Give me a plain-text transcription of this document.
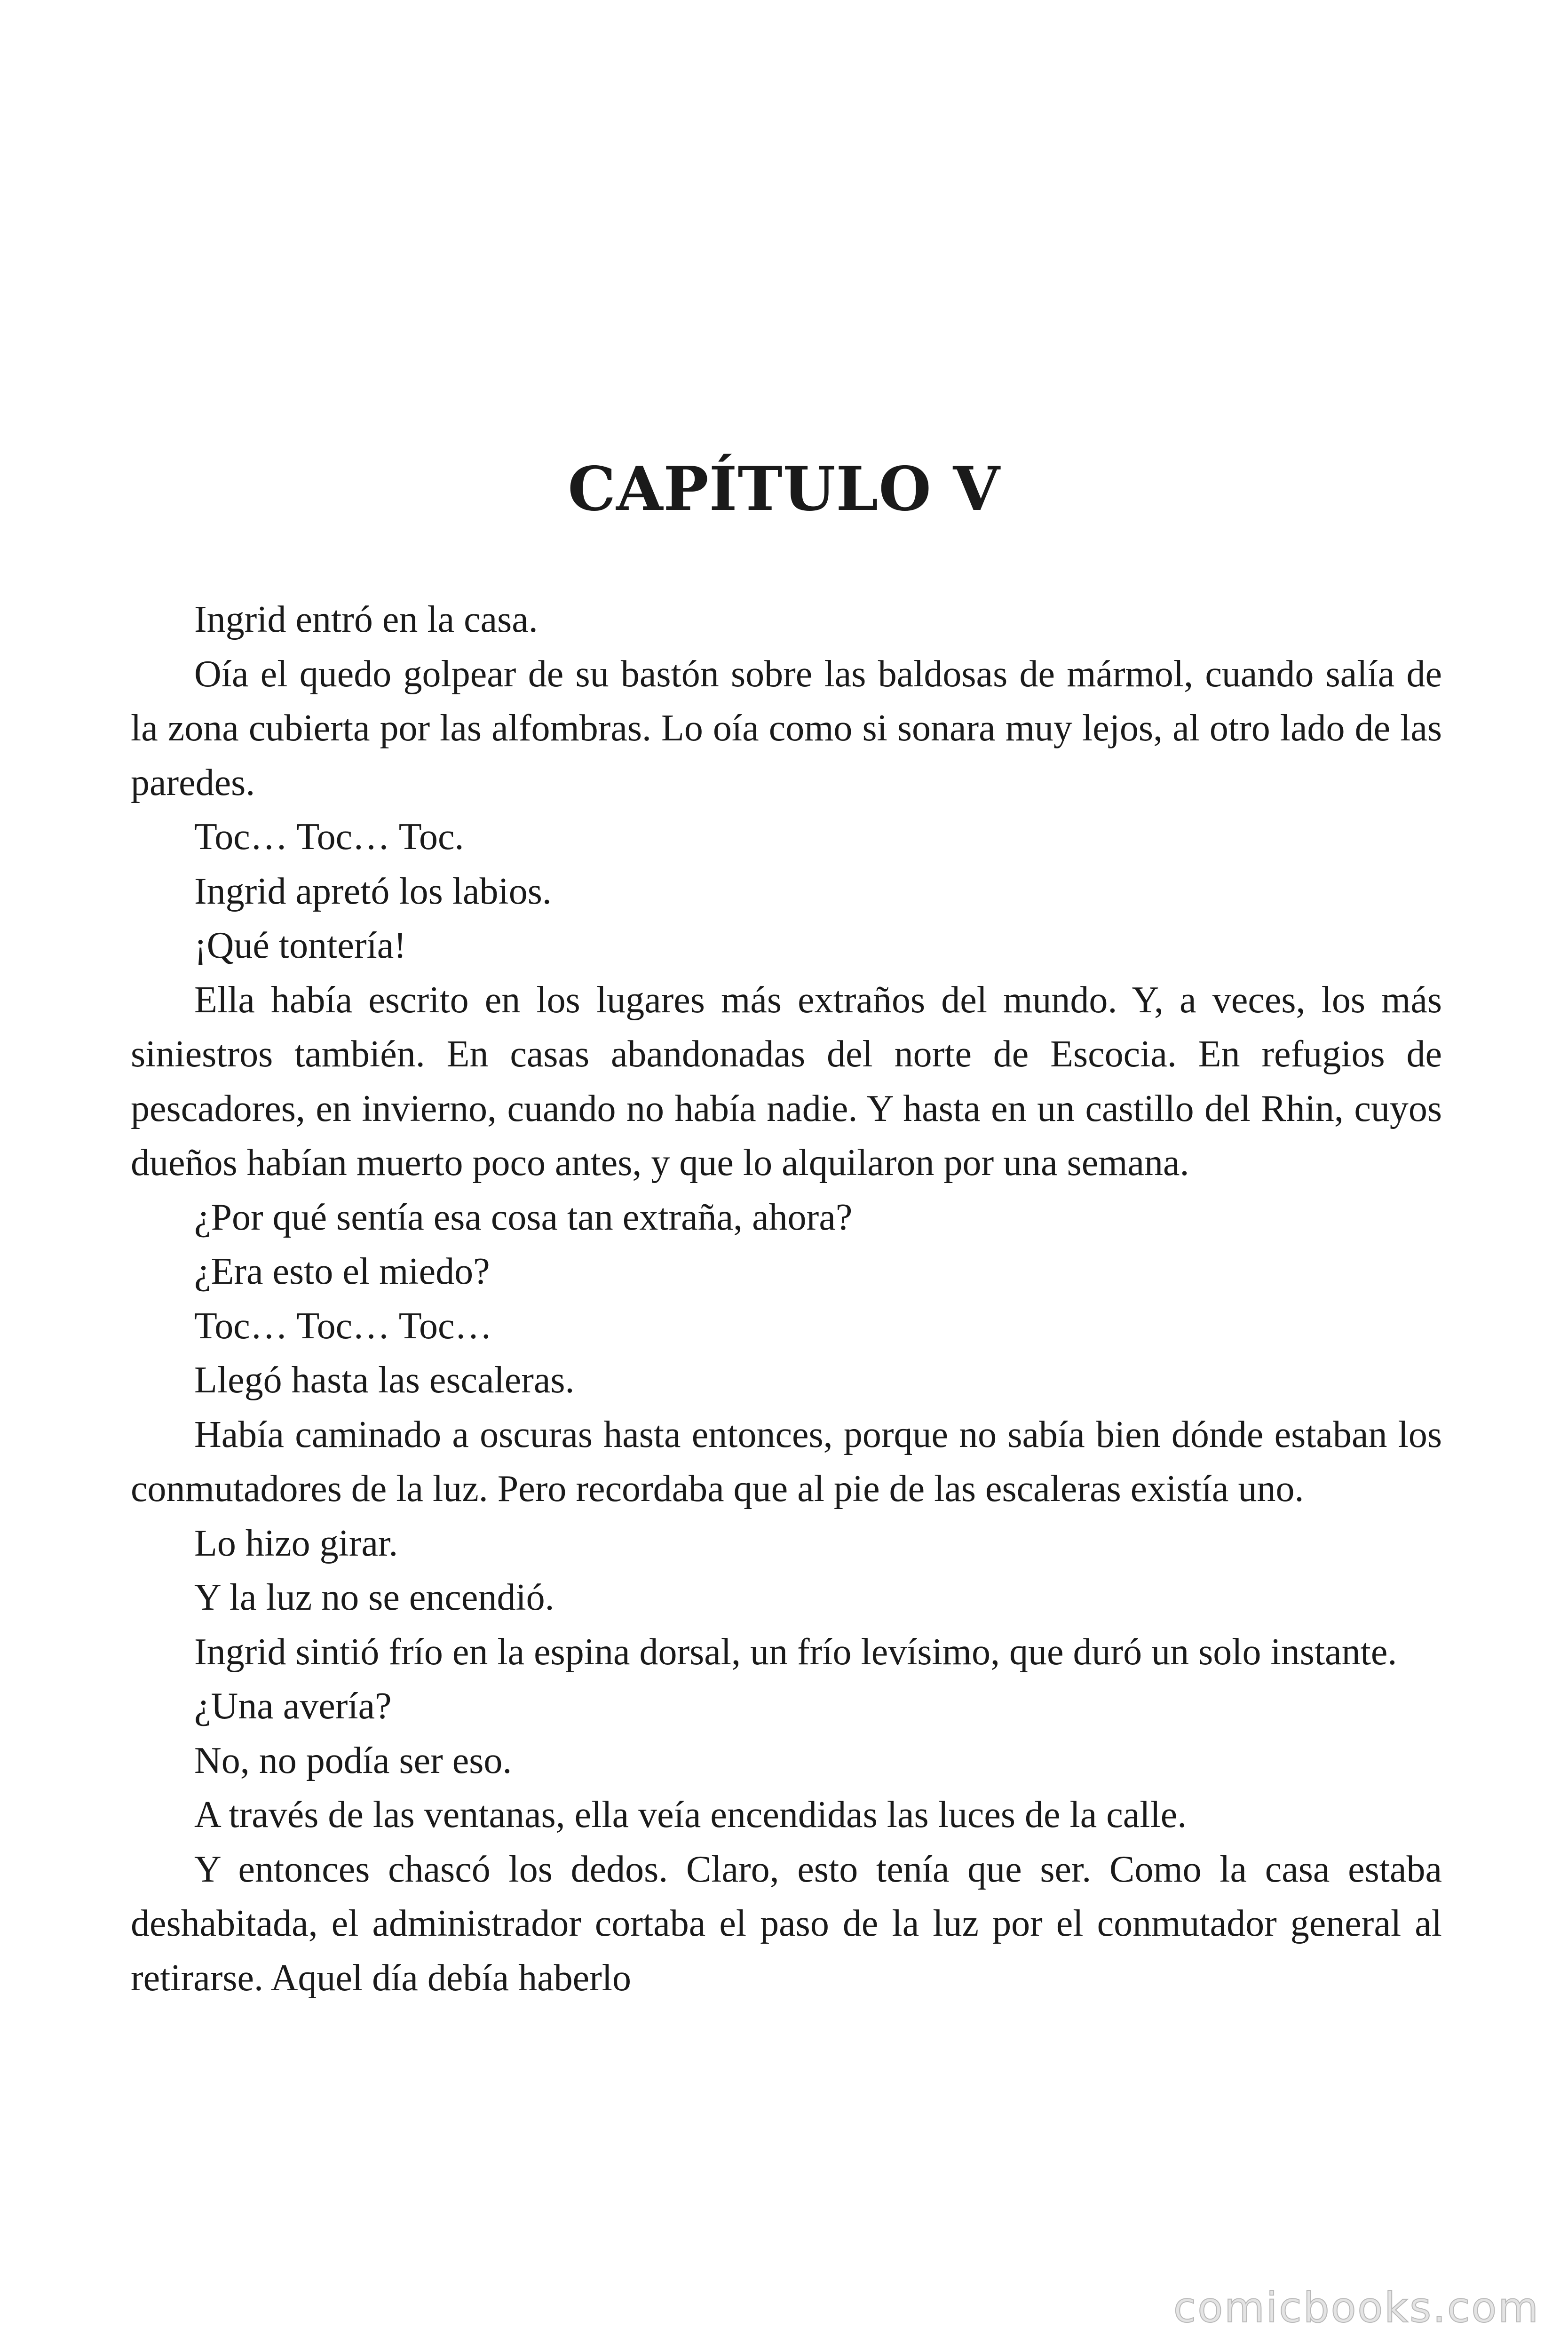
CAPÍTULO V

Ingrid entró en la casa.

Oía el quedo golpear de su bastón sobre las baldosas de mármol, cuando salía de la zona cubierta por las alfombras. Lo oía como si sonara muy lejos, al otro lado de las paredes.

Toc… Toc… Toc.

Ingrid apretó los labios.

¡Qué tontería!

Ella había escrito en los lugares más extraños del mundo. Y, a veces, los más siniestros también. En casas abandonadas del norte de Escocia. En refugios de pescadores, en invierno, cuando no había nadie. Y hasta en un castillo del Rhin, cuyos dueños habían muerto poco antes, y que lo alquilaron por una semana.

¿Por qué sentía esa cosa tan extraña, ahora?

¿Era esto el miedo?

Toc… Toc… Toc…

Llegó hasta las escaleras.

Había caminado a oscuras hasta entonces, porque no sabía bien dónde estaban los conmutadores de la luz. Pero recordaba que al pie de las escaleras existía uno.

Lo hizo girar.

Y la luz no se encendió.

Ingrid sintió frío en la espina dorsal, un frío levísimo, que duró un solo instante.

¿Una avería?

No, no podía ser eso.

A través de las ventanas, ella veía encendidas las luces de la calle.

Y entonces chascó los dedos. Claro, esto tenía que ser. Como la casa estaba deshabitada, el administrador cortaba el paso de la luz por el conmutador general al retirarse. Aquel día debía haberlo

comicbooks.com
